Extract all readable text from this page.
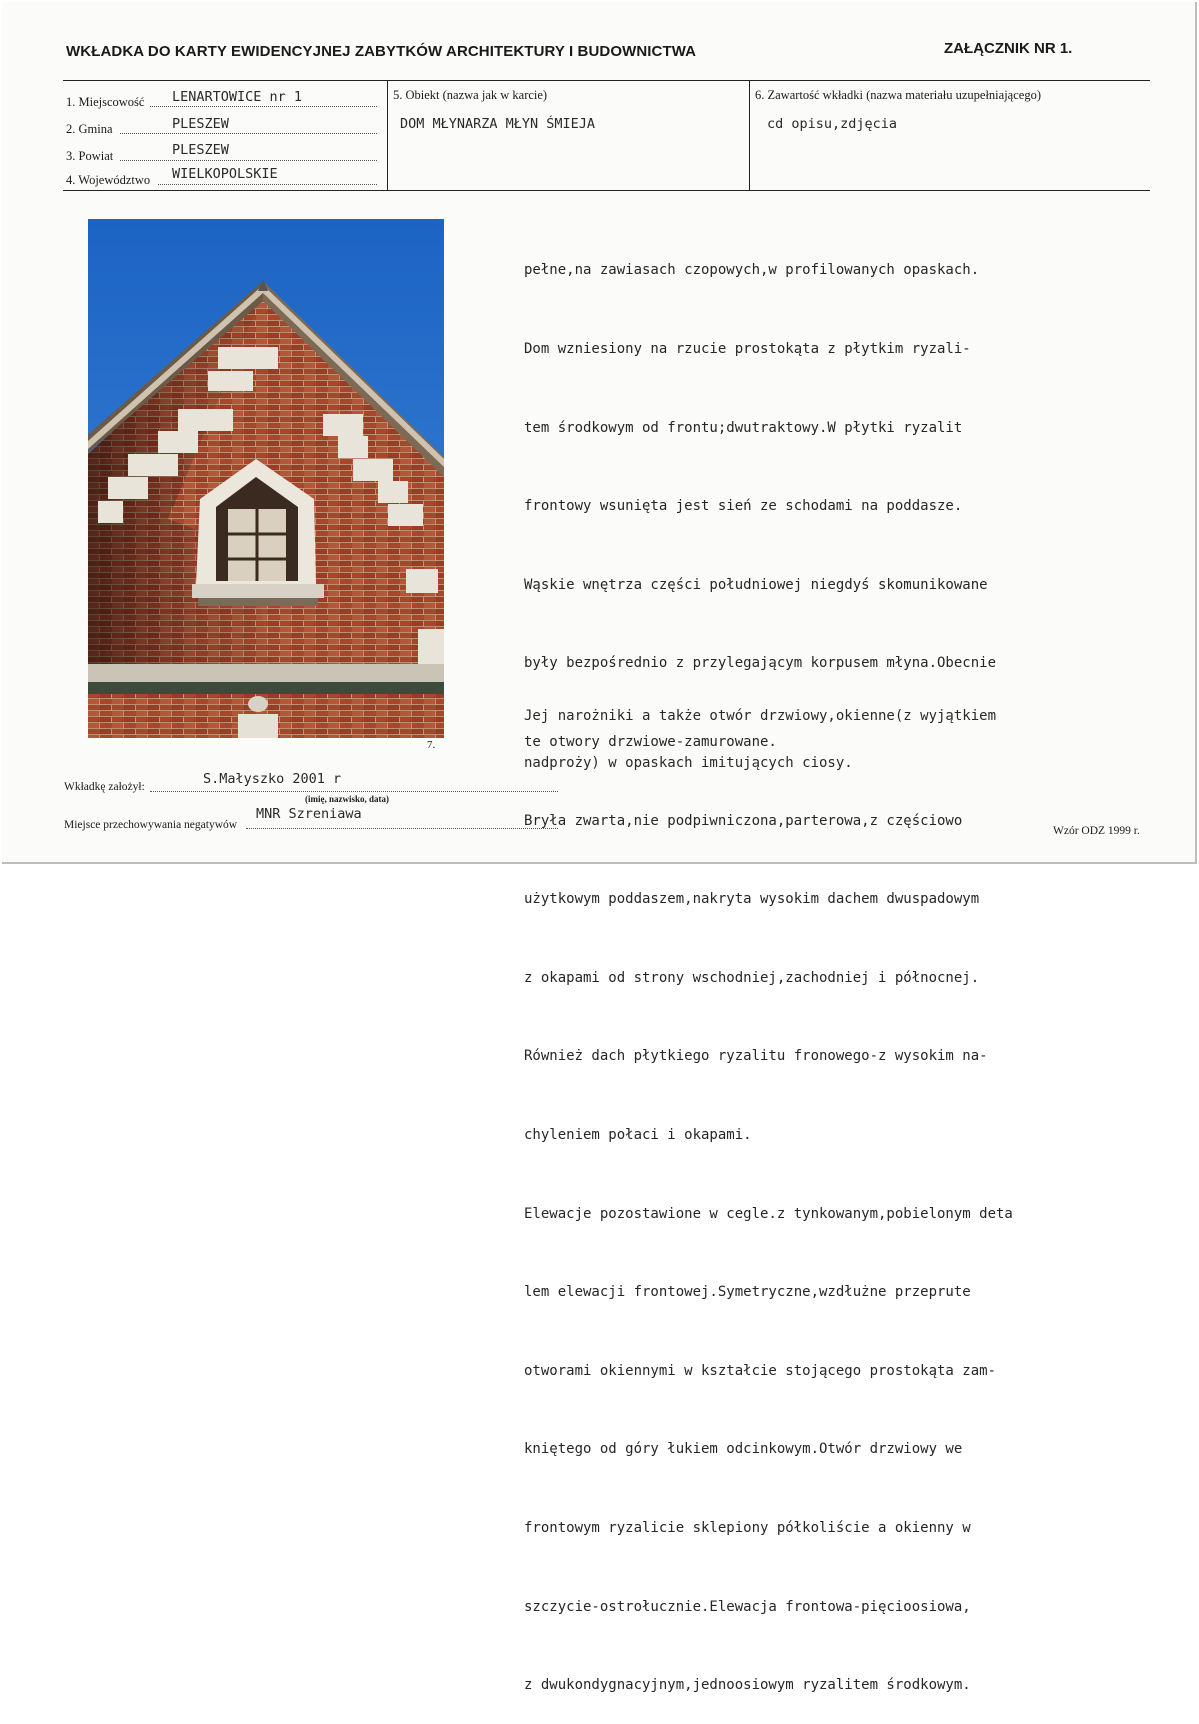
WKŁADKA DO KARTY EWIDENCYJNEJ ZABYTKÓW ARCHITEKTURY I BUDOWNICTWA	ZAŁĄCZNIK NR 1.
1. Miejscowość LENARTOWICE nr 1
2. Gmina	PLESZEW
3. Powiat	PLESZEW
4. Województwo WIELKOPOLSKIE
5. Obiekt (nazwa jak w karcie)
DOM MŁYNARZA MŁYN ŚMIEJA
6. Zawartość wkładki (nazwa materiału uzupełniającego)
cd opisu,zdjęcia
7.

pełne,na zawiasach czopowych,w profilowanych opaskach.

Dom wzniesiony na rzucie prostokąta z płytkim ryzali-

tem środkowym od frontu;dwutraktowy.W płytki ryzalit

frontowy wsunięta jest sień ze schodami na poddasze.

Wąskie wnętrza części południowej niegdyś skomunikowane

były bezpośrednio z przylegającym korpusem młyna.Obecnie

te otwory drzwiowe-zamurowane.

Bryła zwarta,nie podpiwniczona,parterowa,z częściowo

użytkowym poddaszem,nakryta wysokim dachem dwuspadowym

z okapami od strony wschodniej,zachodniej i północnej.

Również dach płytkiego ryzalitu fronowego-z wysokim na-

chyleniem połaci i okapami.

Elewacje pozostawione w cegle.z tynkowanym,pobielonym deta

lem elewacji frontowej.Symetryczne,wzdłużne przeprute

otworami okiennymi w kształcie stojącego prostokąta zam-

kniętego od góry łukiem odcinkowym.Otwór drzwiowy we

frontowym ryzalicie sklepiony półkoliście a okienny w

szczycie-ostrołucznie.Elewacja frontowa-pięcioosiowa,

z dwukondygnacyjnym,jednoosiowym ryzalitem środkowym.

Jej narożniki a także otwór drzwiowy,okienne(z wyjątkiem
nadproży) w opaskach imitujących ciosy.
Wkładkę założył:	S.Małyszko 2001 r
(imię, nazwisko, data)
Miejsce przechowywania negatywów
MNR Szreniawa
Wzór ODZ 1999 r.
